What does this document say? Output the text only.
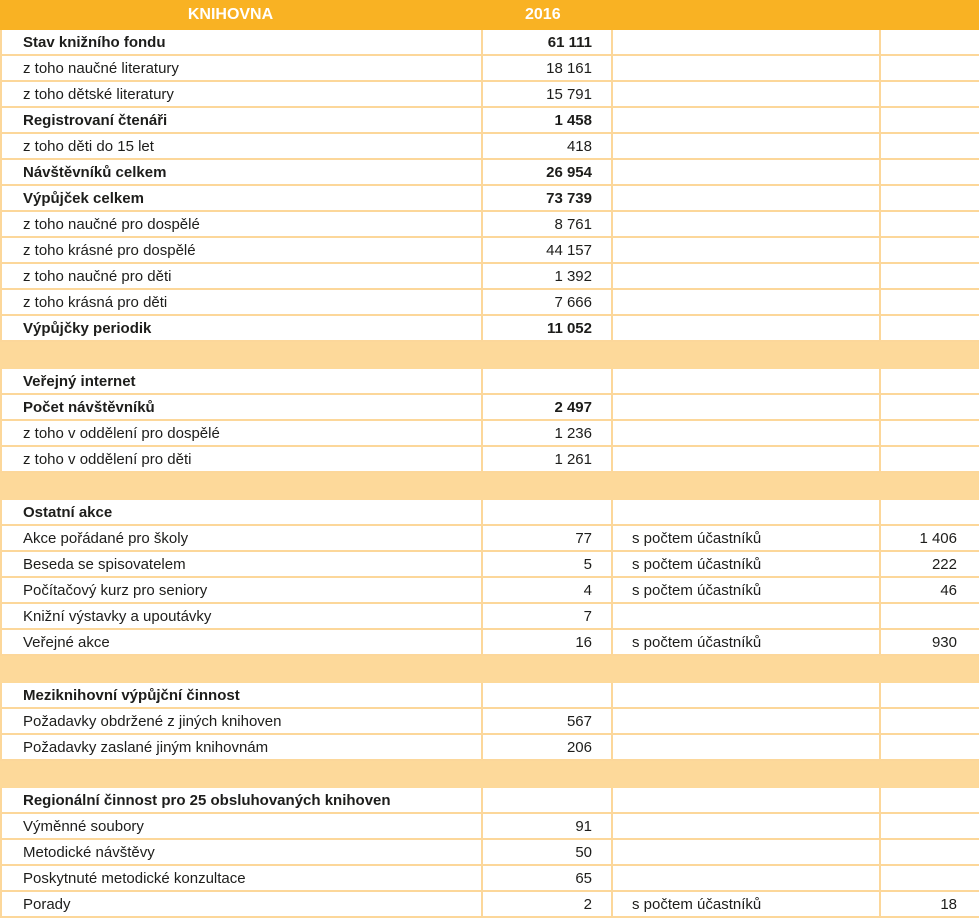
KNIHOVNA	2016		
Stav knižního fondu	61 111		
z toho naučné literatury	18 161		
z toho dětské literatury	15 791		
Registrovaní čtenáři	1 458		
z toho děti do 15 let	418		
Návštěvníků celkem	26 954		
Výpůjček celkem	73 739		
z toho naučné pro dospělé	8 761		
z toho krásné pro dospělé	44 157		
z toho naučné pro děti	1 392		
z toho krásná pro děti	7 666		
Výpůjčky periodik	11 052		

Veřejný internet			
Počet návštěvníků	2 497		
z toho v oddělení pro dospělé	1 236		
z toho v oddělení pro děti	1 261		

Ostatní akce			
Akce pořádané pro školy	77	s počtem účastníků	1 406
Beseda se spisovatelem	5	s počtem účastníků	222
Počítačový kurz pro seniory	4	s počtem účastníků	46
Knižní výstavky a upoutávky	7		
Veřejné akce	16	s počtem účastníků	930

Meziknihovní výpůjční činnost			
Požadavky obdržené z jiných knihoven	567		
Požadavky zaslané jiným knihovnám	206		

Regionální činnost pro 25 obsluhovaných knihoven			
Výměnné soubory	91		
Metodické návštěvy	50		
Poskytnuté metodické konzultace	65		
Porady	2	s počtem účastníků	18
